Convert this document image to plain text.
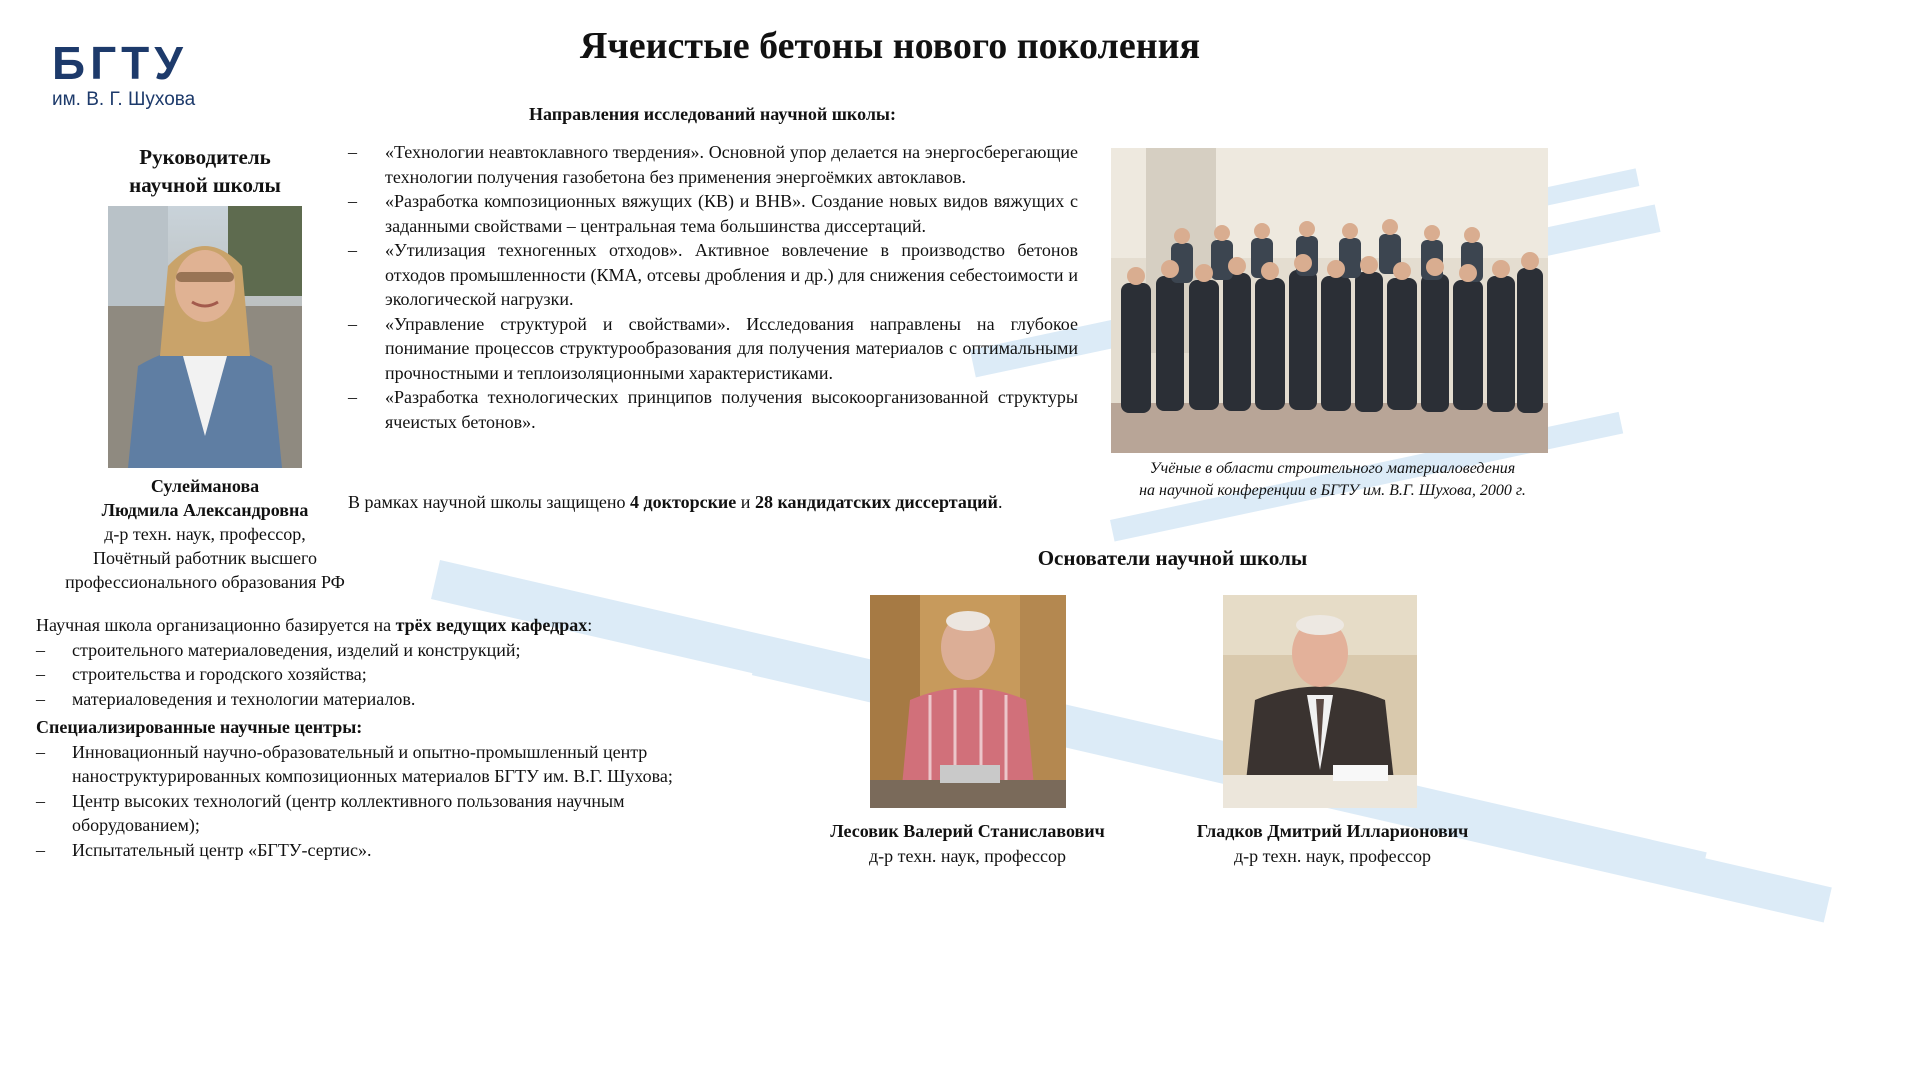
БГТУ
им. В. Г. Шухова
Ячеистые бетоны нового поколения
Направления исследований научной школы:
– «Технологии неавтоклавного твердения». Основной упор делается на энергосберегающие технологии получения газобетона без применения энергоёмких автоклавов.
– «Разработка композиционных вяжущих (КВ) и ВНВ». Создание новых видов вяжущих с заданными свойствами – центральная тема большинства диссертаций.
– «Утилизация техногенных отходов». Активное вовлечение в производство бетонов отходов промышленности (КМА, отсевы дробления и др.) для снижения себестоимости и экологической нагрузки.
– «Управление структурой и свойствами». Исследования направлены на глубокое понимание процессов структурообразования для получения материалов с оптимальными прочностными и теплоизоляционными характеристиками.
– «Разработка технологических принципов получения высокоорганизованной структуры ячеистых бетонов».
В рамках научной школы защищено 4 докторские и 28 кандидатских диссертаций.
Руководитель
научной школы
Сулейманова
Людмила Александровна
д-р техн. наук, профессор,
Почётный работник высшего
профессионального образования РФ
Учёные в области строительного материаловедения
на научной конференции в БГТУ им. В.Г. Шухова, 2000 г.
Основатели научной школы
Лесовик Валерий Станиславович
д-р техн. наук, профессор
Гладков Дмитрий Илларионович
д-р техн. наук, профессор
Научная школа организационно базируется на трёх ведущих кафедрах:
– строительного материаловедения, изделий и конструкций;
– строительства и городского хозяйства;
– материаловедения и технологии материалов.
Специализированные научные центры:
– Инновационный научно-образовательный и опытно-промышленный центр наноструктурированных композиционных материалов БГТУ им. В.Г. Шухова;
– Центр высоких технологий (центр коллективного пользования научным оборудованием);
– Испытательный центр «БГТУ-сертис».
